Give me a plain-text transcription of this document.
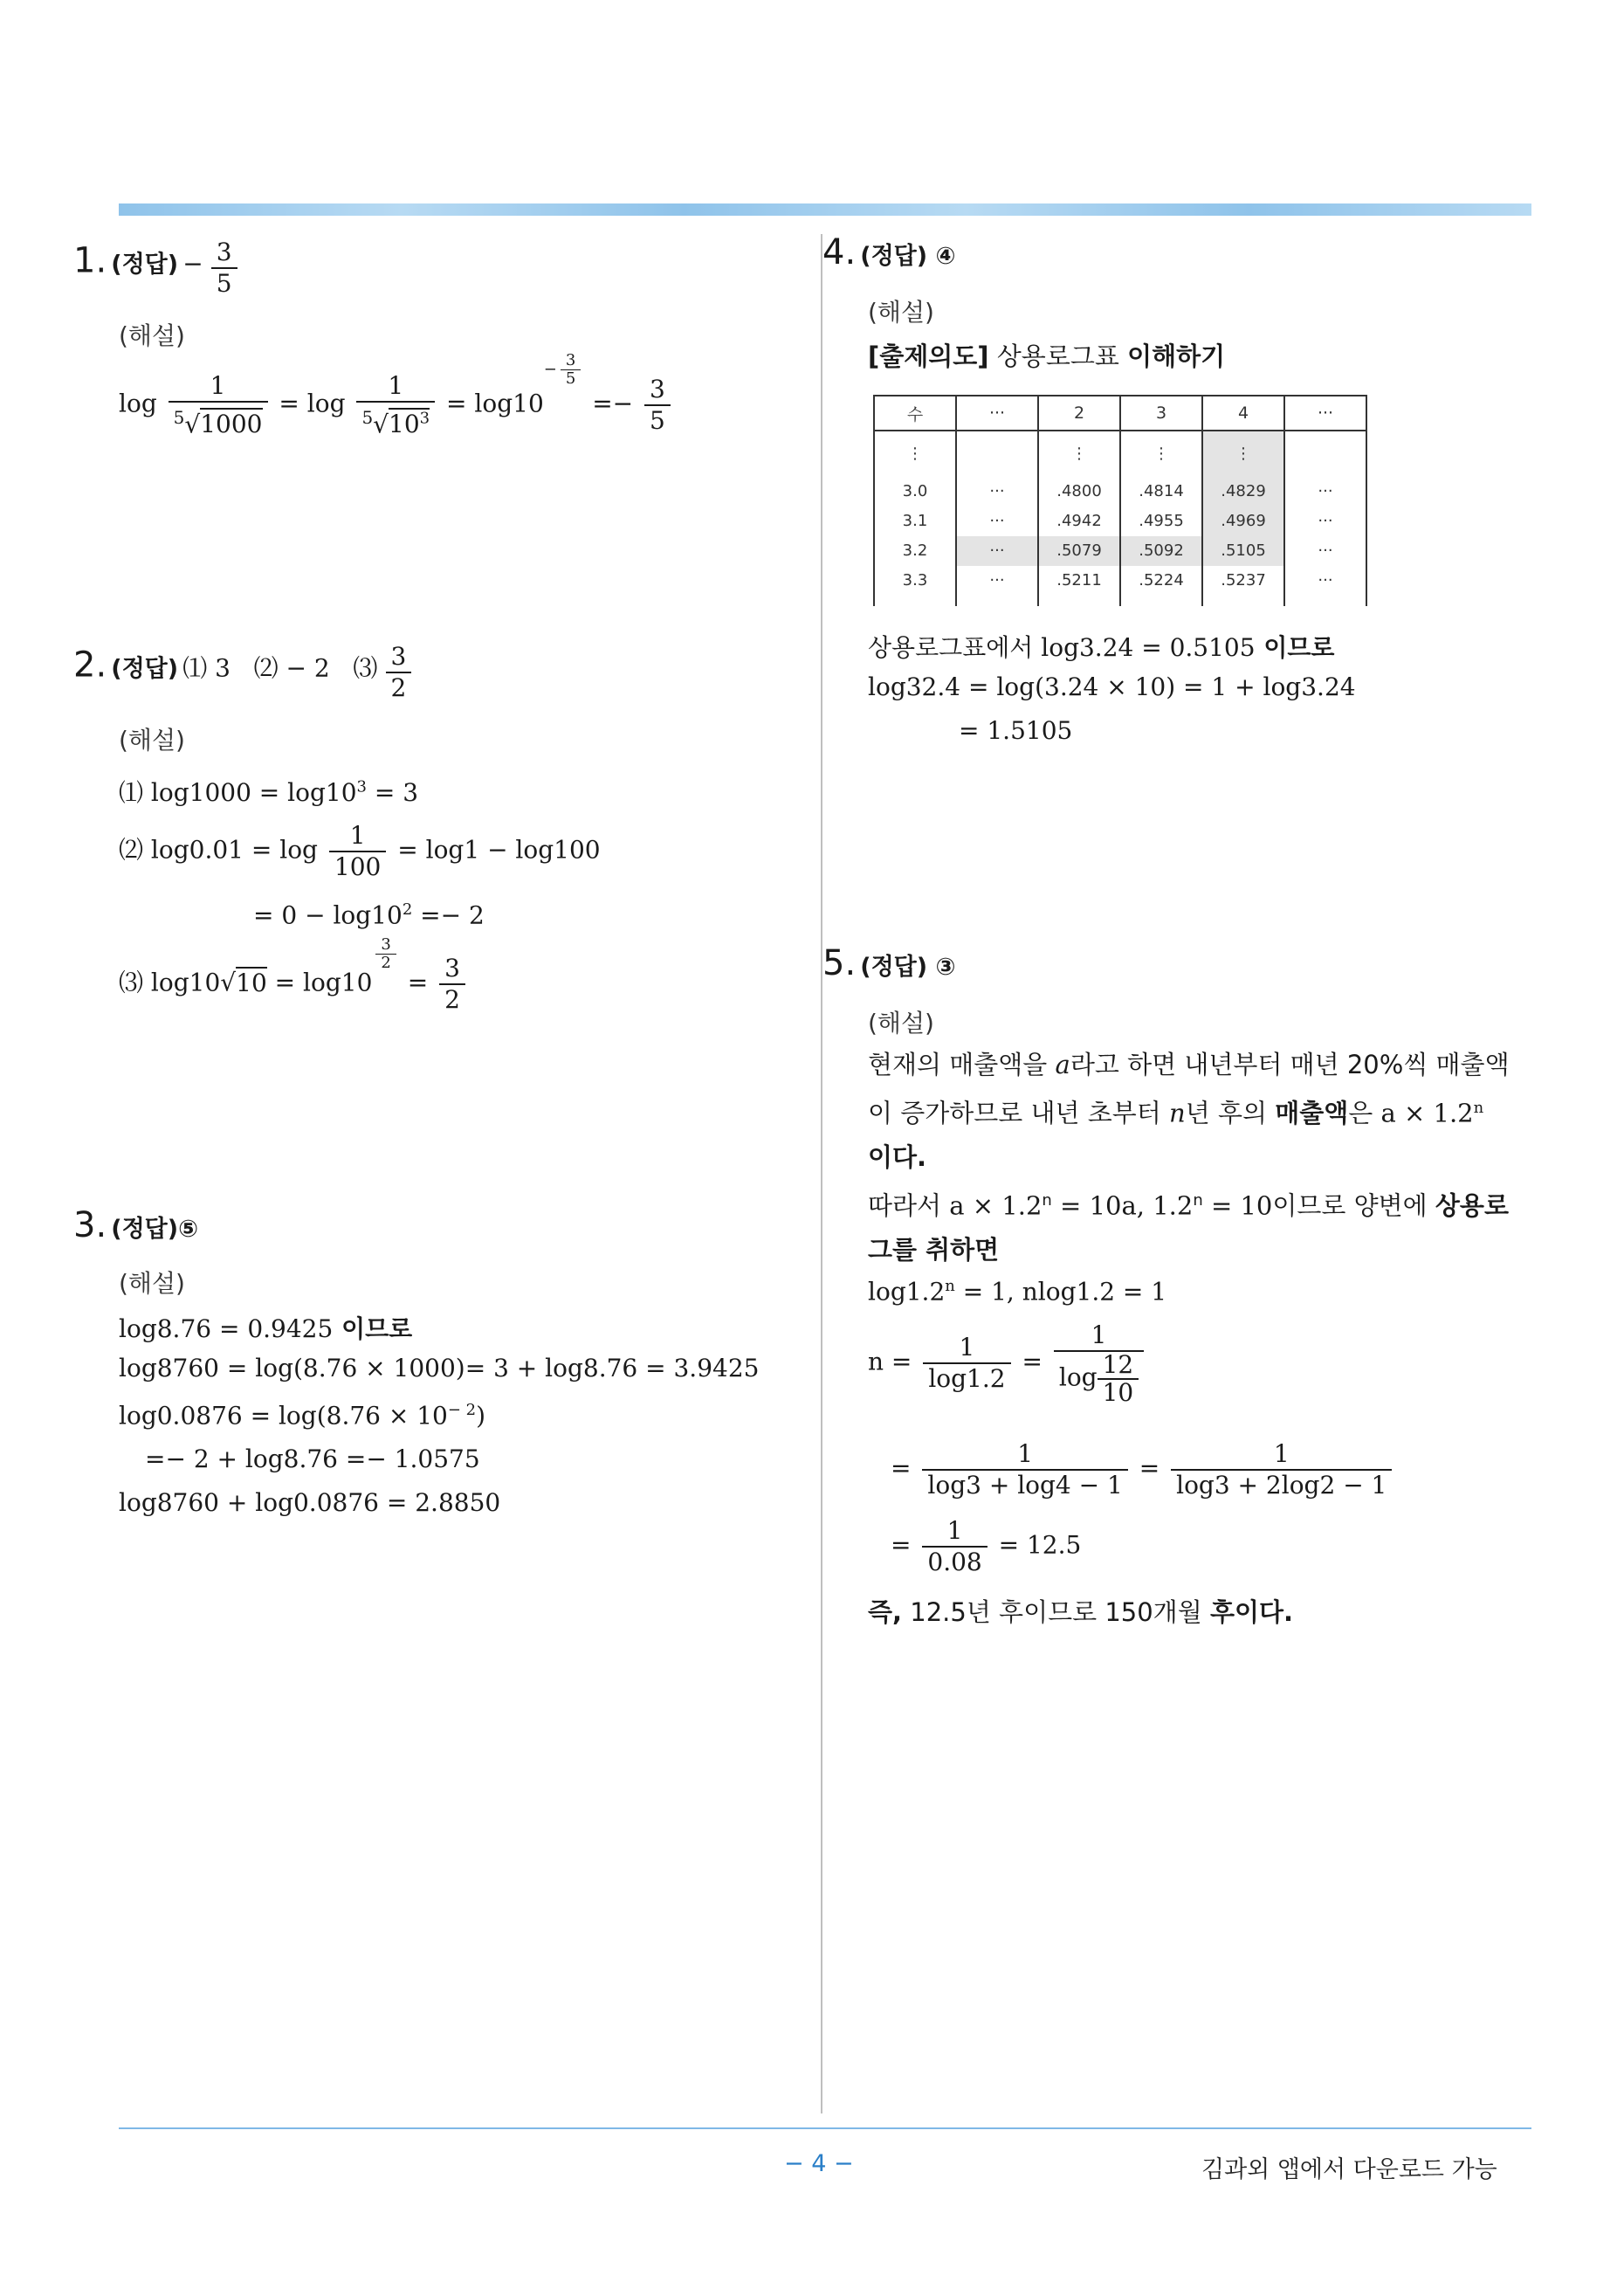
1. (정답) − $\frac{3}{5}$
(해설)
$\log \frac{1}{^5√1000} = \log \frac{1}{^5√10^3} = \log 10- \frac{3}{5}$
=− $\frac{3}{5}$
2. (정답) ⑴ 3   ⑵ − 2   ⑶ $\frac{3}{2}$
(해설)
⑴ $\log 1000 = \log 10^3 = 3$
⑵ $\log 0.01 = \log \frac{1}{100} = \log 1 - \log 100$
= $0 - \log 10^2 =- 2$
⑶ log10√10 = log10
$\frac{3}{2}$
= $\frac{3}{2}$
3. (정답)⑤
(해설)
log8.76 = 0.9425 이므로
log8760 = log(8.76 × 1000)= 3 + log8.76 = 3.9425
$\log 0.0876 = \log(8.76 \times 10^{- 2})$
=− 2 + log8.76 =− 1.0575
log8760 + log0.0876 = 2.8850
4. (정답) ④
(해설)
[출제의도] 상용로그표 이해하기
수	···	2	3	4	···
⋮		⋮	⋮	⋮	
3.0	···	.4800	.4814	.4829	···
3.1	···	.4942	.4955	.4969	···
3.2	···	.5079	.5092	.5105	···
3.3	···	.5211	.5224	.5237	···
상용로그표에서 log3.24 = 0.5105 이므로
log32.4 = log(3.24 × 10) = 1 + log3.24
= 1.5105
5. (정답) ③
(해설)
현재의 매출액을 a라고 하면 내년부터 매년 20%씩 매출액이 증가하므로 내년 초부터 n년 후의 매출액은 $a \times 1.2^n$ 이다.
따라서 $a \times 1.2^n = 10a$, $1.2^n = 10$이므로 양변에 상용로그를 취하면
$\log 1.2^n = 1$, nlog1.2 = 1
$n = \frac{1}{\log 1.2} = \frac{1}{\log \frac{12}{10}}$
= $\frac{1}{\log 3 + \log 4 - 1} = \frac{1}{\log 3 + 2\log 2 - 1}$
= $\frac{1}{0.08} = 12.5$
즉, 12.5년 후이므로 150개월 후이다.
− 4 −	김과외 앱에서 다운로드 가능
